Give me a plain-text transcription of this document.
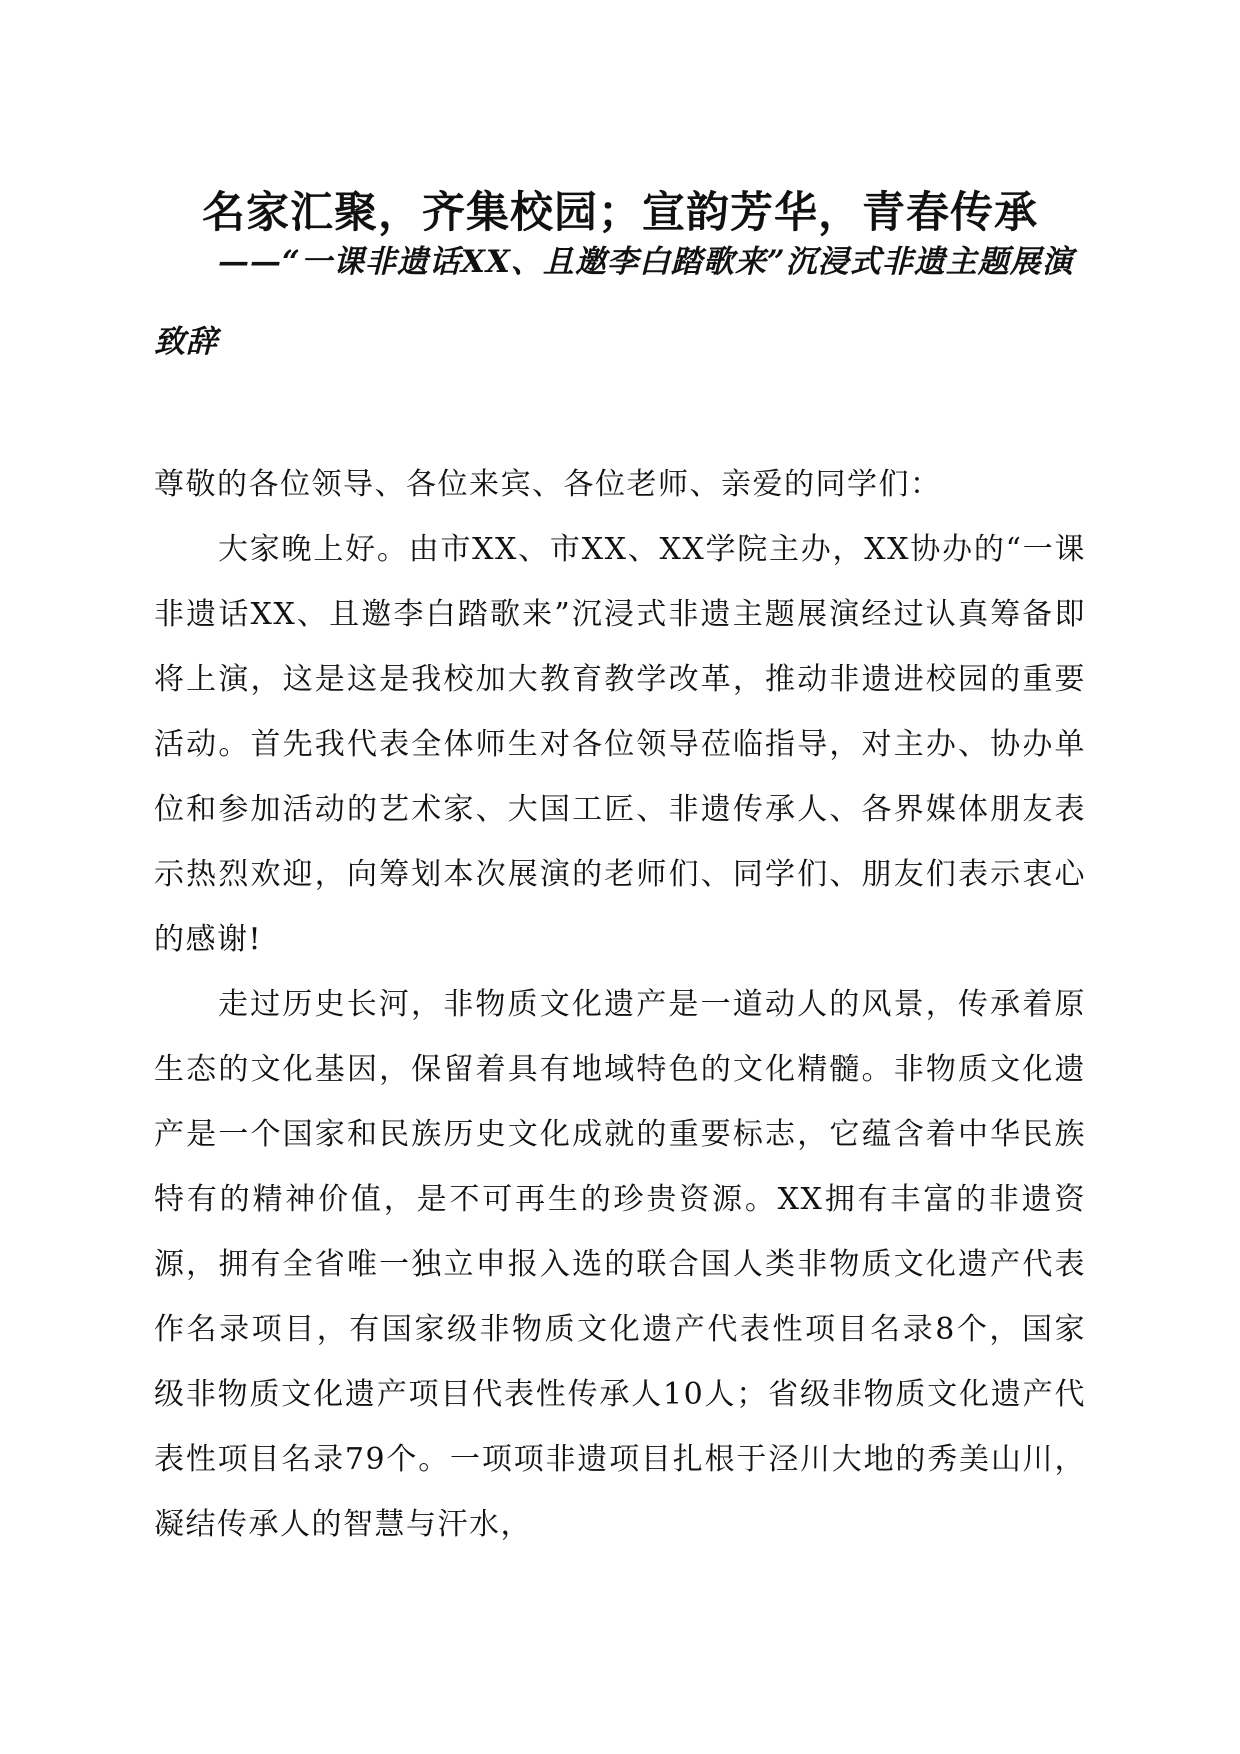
名家汇聚，齐集校园；宣韵芳华，青春传承
——“一课非遗话XX、且邀李白踏歌来”沉浸式非遗主题展演致辞

尊敬的各位领导、各位来宾、各位老师、亲爱的同学们：

大家晚上好。由市XX、市XX、XX学院主办，XX协办的“一课非遗话XX、且邀李白踏歌来”沉浸式非遗主题展演经过认真筹备即将上演，这是这是我校加大教育教学改革，推动非遗进校园的重要活动。首先我代表全体师生对各位领导莅临指导，对主办、协办单位和参加活动的艺术家、大国工匠、非遗传承人、各界媒体朋友表示热烈欢迎，向筹划本次展演的老师们、同学们、朋友们表示衷心的感谢!

走过历史长河，非物质文化遗产是一道动人的风景，传承着原生态的文化基因，保留着具有地域特色的文化精髓。非物质文化遗产是一个国家和民族历史文化成就的重要标志，它蕴含着中华民族特有的精神价值，是不可再生的珍贵资源。XX拥有丰富的非遗资源，拥有全省唯一独立申报入选的联合国人类非物质文化遗产代表作名录项目，有国家级非物质文化遗产代表性项目名录8个，国家级非物质文化遗产项目代表性传承人10人；省级非物质文化遗产代表性项目名录79个。一项项非遗项目扎根于泾川大地的秀美山川，凝结传承人的智慧与汗水，
